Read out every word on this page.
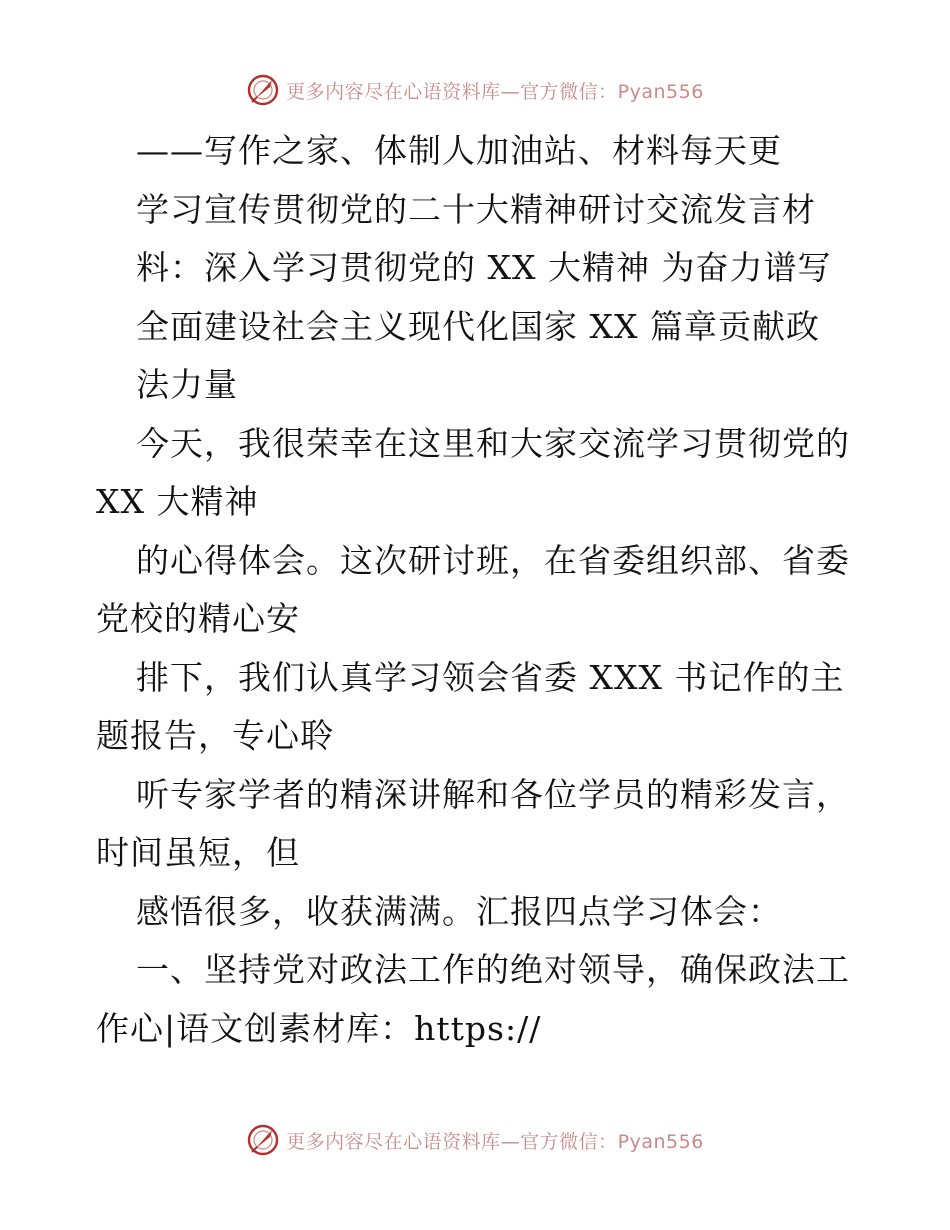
更多内容尽在心语资料库—官方微信：Pyan556
——写作之家、体制人加油站、材料每天更
学习宣传贯彻党的二十大精神研讨交流发言材
料：深入学习贯彻党的 XX 大精神 为奋力谱写
全面建设社会主义现代化国家 XX 篇章贡献政
法力量
今天，我很荣幸在这里和大家交流学习贯彻党的
XX 大精神
的心得体会。这次研讨班，在省委组织部、省委
党校的精心安
排下，我们认真学习领会省委 XXX 书记作的主
题报告，专心聆
听专家学者的精深讲解和各位学员的精彩发言，
时间虽短，但
感悟很多，收获满满。汇报四点学习体会：
一、坚持党对政法工作的绝对领导，确保政法工
作心|语文创素材库：https://
更多内容尽在心语资料库—官方微信：Pyan556
